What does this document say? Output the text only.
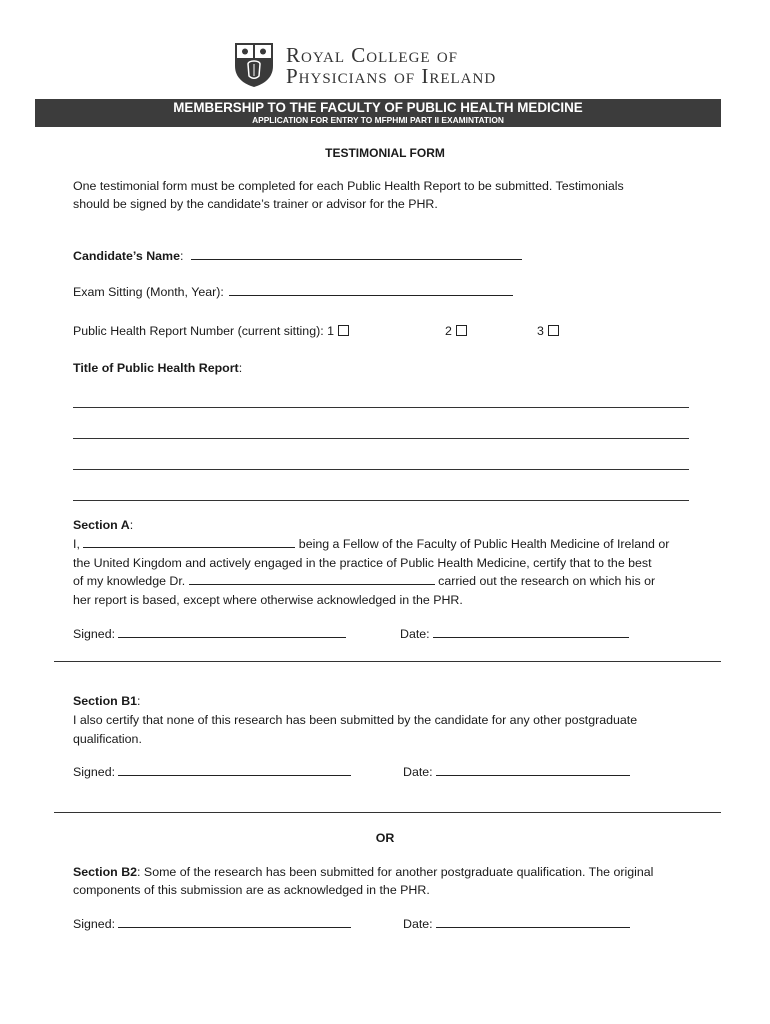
Royal College of
Physicians of Ireland
MEMBERSHIP TO THE FACULTY OF PUBLIC HEALTH MEDICINE
APPLICATION FOR ENTRY TO MFPHMI PART II EXAMINTATION
TESTIMONIAL FORM
One testimonial form must be completed for each Public Health Report to be submitted. Testimonials
should be signed by the candidate’s trainer or advisor for the PHR.
Candidate’s Name:
Exam Sitting (Month, Year):
Public Health Report Number (current sitting): 1	2	3
Title of Public Health Report:
Section A:
I,	being a Fellow of the Faculty of Public Health Medicine of Ireland or
the United Kingdom and actively engaged in the practice of Public Health Medicine, certify that to the best
of my knowledge Dr.	carried out the research on which his or
her report is based, except where otherwise acknowledged in the PHR.
Signed:	Date:
Section B1:
I also certify that none of this research has been submitted by the candidate for any other postgraduate
qualification.
Signed:	Date:
OR
Section B2: Some of the research has been submitted for another postgraduate qualification. The original
components of this submission are as acknowledged in the PHR.
Signed:	Date:
